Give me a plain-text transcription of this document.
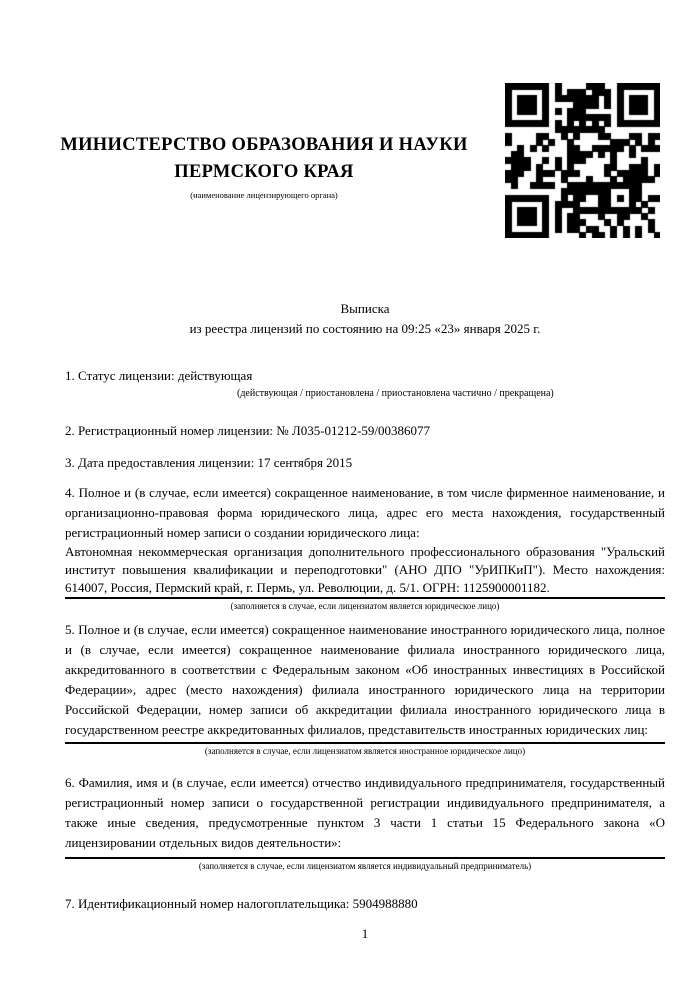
МИНИСТЕРСТВО ОБРАЗОВАНИЯ И НАУКИ ПЕРМСКОГО КРАЯ
(наименование лицензирующего органа)
Выписка
из реестра лицензий по состоянию на 09:25 «23» января 2025 г.
1. Статус лицензии: действующая
(действующая / приостановлена / приостановлена частично / прекращена)
2. Регистрационный номер лицензии: № Л035-01212-59/00386077
3. Дата предоставления лицензии: 17 сентября 2015
4. Полное и (в случае, если имеется) сокращенное наименование, в том числе фирменное наименование, и организационно-правовая форма юридического лица, адрес его места нахождения, государственный регистрационный номер записи о создании юридического лица:
Автономная некоммерческая организация дополнительного профессионального образования "Уральский институт повышения квалификации и переподготовки" (АНО ДПО "УрИПКиП"). Место нахождения: 614007, Россия, Пермский край, г. Пермь, ул. Революции, д. 5/1. ОГРН: 1125900001182.
(заполняется в случае, если лицензиатом является юридическое лицо)
5. Полное и (в случае, если имеется) сокращенное наименование иностранного юридического лица, полное и (в случае, если имеется) сокращенное наименование филиала иностранного юридического лица, аккредитованного в соответствии с Федеральным законом «Об иностранных инвестициях в Российской Федерации», адрес (место нахождения) филиала иностранного юридического лица на территории Российской Федерации, номер записи об аккредитации филиала иностранного юридического лица в государственном реестре аккредитованных филиалов, представительств иностранных юридических лиц:
(заполняется в случае, если лицензиатом является иностранное юридическое лицо)
6. Фамилия, имя и (в случае, если имеется) отчество индивидуального предпринимателя, государственный регистрационный номер записи о государственной регистрации индивидуального предпринимателя, а также иные сведения, предусмотренные пунктом 3 части 1 статьи 15 Федерального закона «О лицензировании отдельных видов деятельности»:
(заполняется в случае, если лицензиатом является индивидуальный предприниматель)
7. Идентификационный номер налогоплательщика: 5904988880
1
